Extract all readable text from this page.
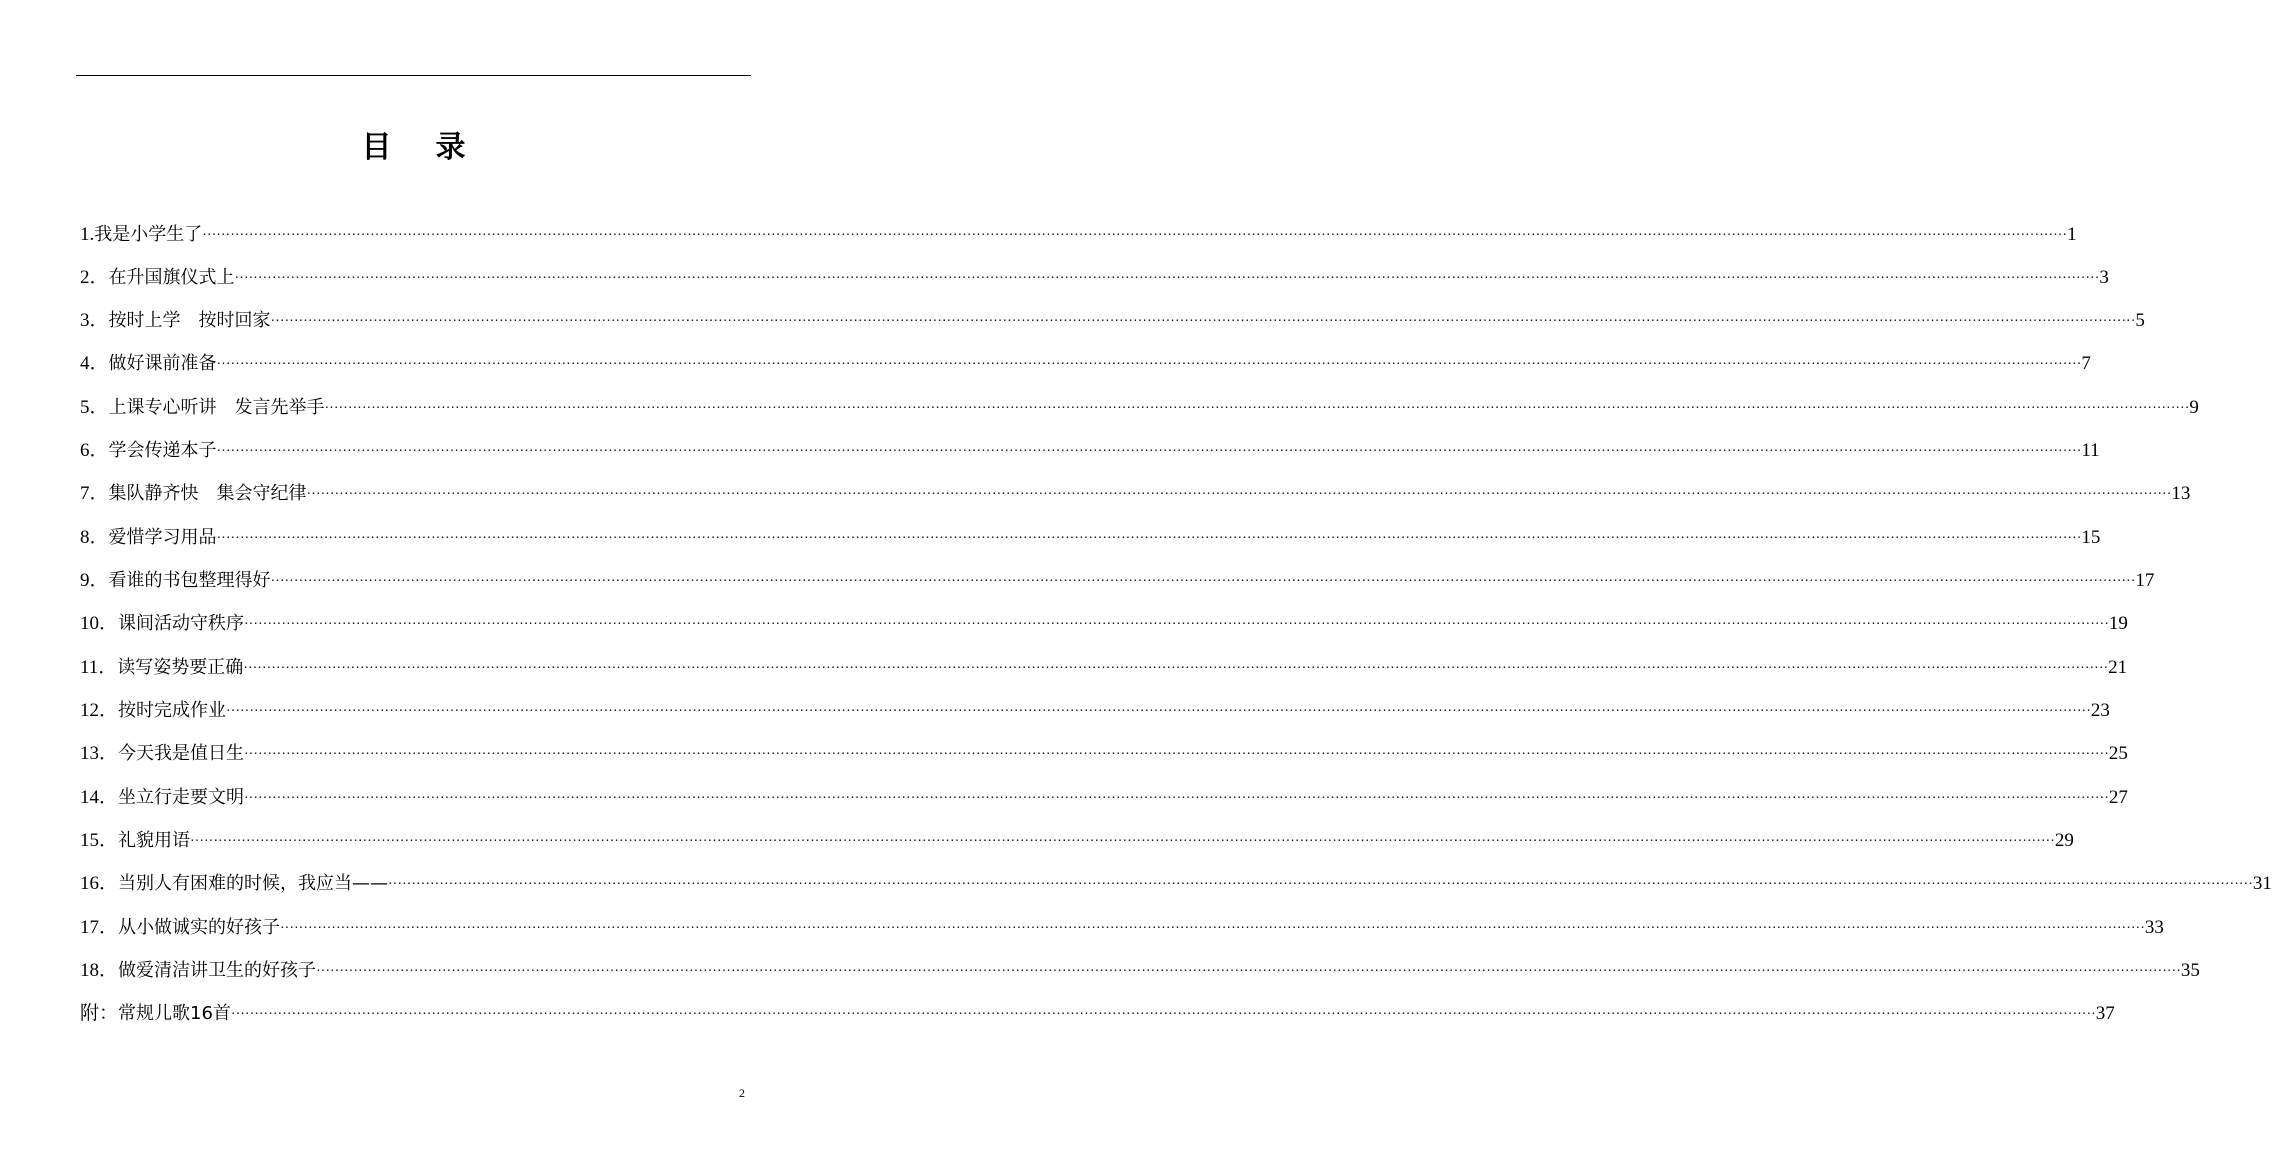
目 录
1. 我是小学生了 ················································································································································································································································································································································································································ 1
2． 在升国旗仪式上 ················································································································································································································································································································································································································ 3
3． 按时上学　按时回家 ················································································································································································································································································································································································································ 5
4． 做好课前准备 ················································································································································································································································································································································································································ 7
5． 上课专心听讲　发言先举手 ················································································································································································································································································································································································································ 9
6． 学会传递本子 ················································································································································································································································································································································································································ 11
7． 集队静齐快　集会守纪律 ················································································································································································································································································································································································································ 13
8． 爱惜学习用品 ················································································································································································································································································································································································································ 15
9． 看谁的书包整理得好 ················································································································································································································································································································································································································ 17
10． 课间活动守秩序 ················································································································································································································································································································································································································ 19
11． 读写姿势要正确 ················································································································································································································································································································································································································ 21
12． 按时完成作业 ················································································································································································································································································································································································································ 23
13． 今天我是值日生 ················································································································································································································································································································································································································ 25
14． 坐立行走要文明 ················································································································································································································································································································································································································ 27
15． 礼貌用语 ················································································································································································································································································································································································································ 29
16． 当别人有困难的时候，我应当—— ················································································································································································································································································································································································································ 31
17． 从小做诚实的好孩子 ················································································································································································································································································································································································································ 33
18． 做爱清洁讲卫生的好孩子 ················································································································································································································································································································································································································ 35
附： 常规儿歌16首 ················································································································································································································································································································································································································ 37
2
